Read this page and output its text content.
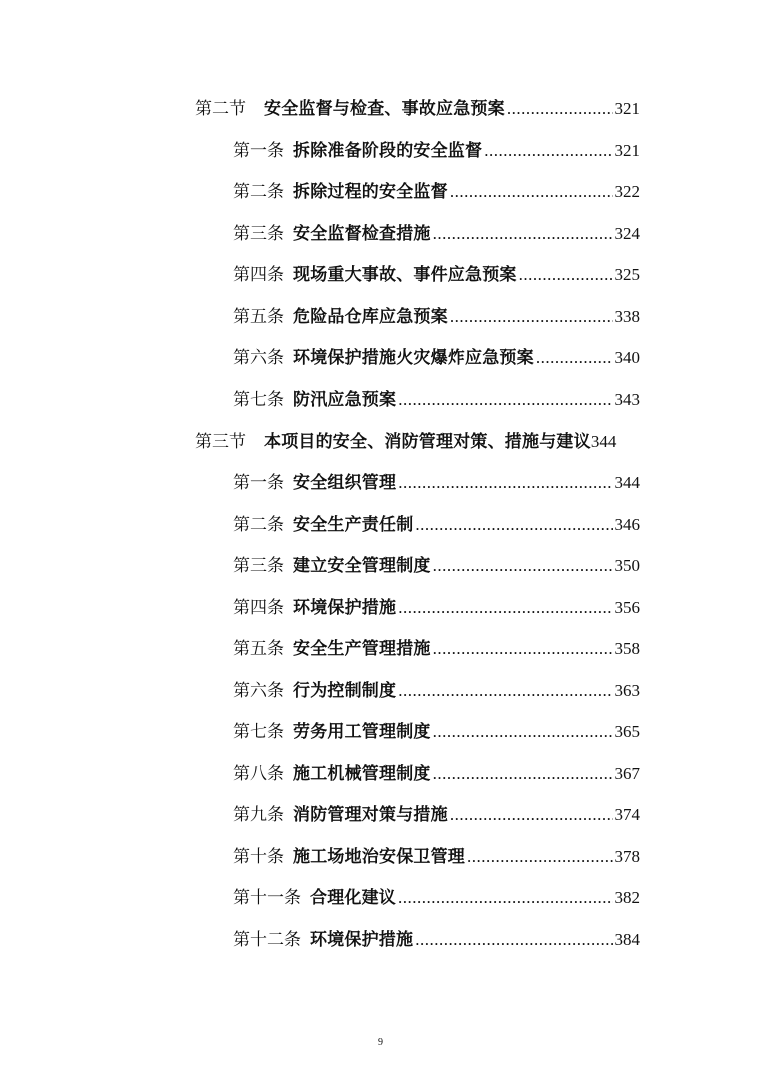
第二节 安全监督与检查、事故应急预案 .....	321
第一条 拆除准备阶段的安全监督 .....	321
第二条 拆除过程的安全监督 .....	322
第三条 安全监督检查措施 .....	324
第四条 现场重大事故、事件应急预案 .....	325
第五条 危险品仓库应急预案 .....	338
第六条 环境保护措施火灾爆炸应急预案 .....	340
第七条 防汛应急预案 .....	343
第三节 本项目的安全、消防管理对策、措施与建议 344
第一条 安全组织管理 .....	344
第二条 安全生产责任制 .....	346
第三条 建立安全管理制度 .....	350
第四条 环境保护措施 .....	356
第五条 安全生产管理措施 .....	358
第六条 行为控制制度 .....	363
第七条 劳务用工管理制度 .....	365
第八条 施工机械管理制度 .....	367
第九条 消防管理对策与措施 .....	374
第十条 施工场地治安保卫管理 .....	378
第十一条 合理化建议 .....	382
第十二条 环境保护措施 .....	384
9
